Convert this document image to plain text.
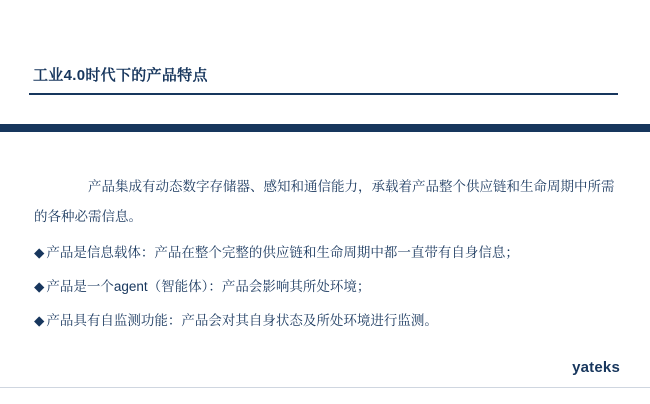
工业4.0时代下的产品特点

产品集成有动态数字存储器、感知和通信能力，承载着产品整个供应链和生命周期中所需的各种必需信息。

◆ 产品是信息载体：产品在整个完整的供应链和生命周期中都一直带有自身信息；
◆ 产品是一个agent（智能体）：产品会影响其所处环境；
◆ 产品具有自监测功能：产品会对其自身状态及所处环境进行监测。
yateks
